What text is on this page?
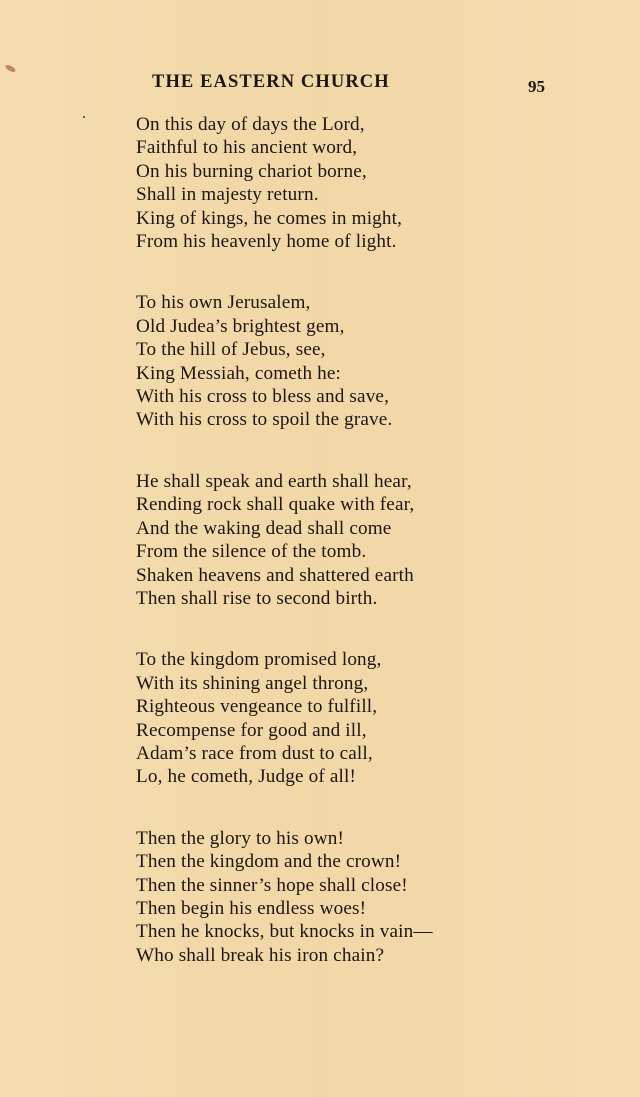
THE EASTERN CHURCH	95
On this day of days the Lord,
Faithful to his ancient word,
On his burning chariot borne,
Shall in majesty return.
King of kings, he comes in might,
From his heavenly home of light.
To his own Jerusalem,
Old Judea’s brightest gem,
To the hill of Jebus, see,
King Messiah, cometh he:
With his cross to bless and save,
With his cross to spoil the grave.
He shall speak and earth shall hear,
Rending rock shall quake with fear,
And the waking dead shall come
From the silence of the tomb.
Shaken heavens and shattered earth
Then shall rise to second birth.
To the kingdom promised long,
With its shining angel throng,
Righteous vengeance to fulfill,
Recompense for good and ill,
Adam’s race from dust to call,
Lo, he cometh, Judge of all!
Then the glory to his own!
Then the kingdom and the crown!
Then the sinner’s hope shall close!
Then begin his endless woes!
Then he knocks, but knocks in vain—
Who shall break his iron chain?
